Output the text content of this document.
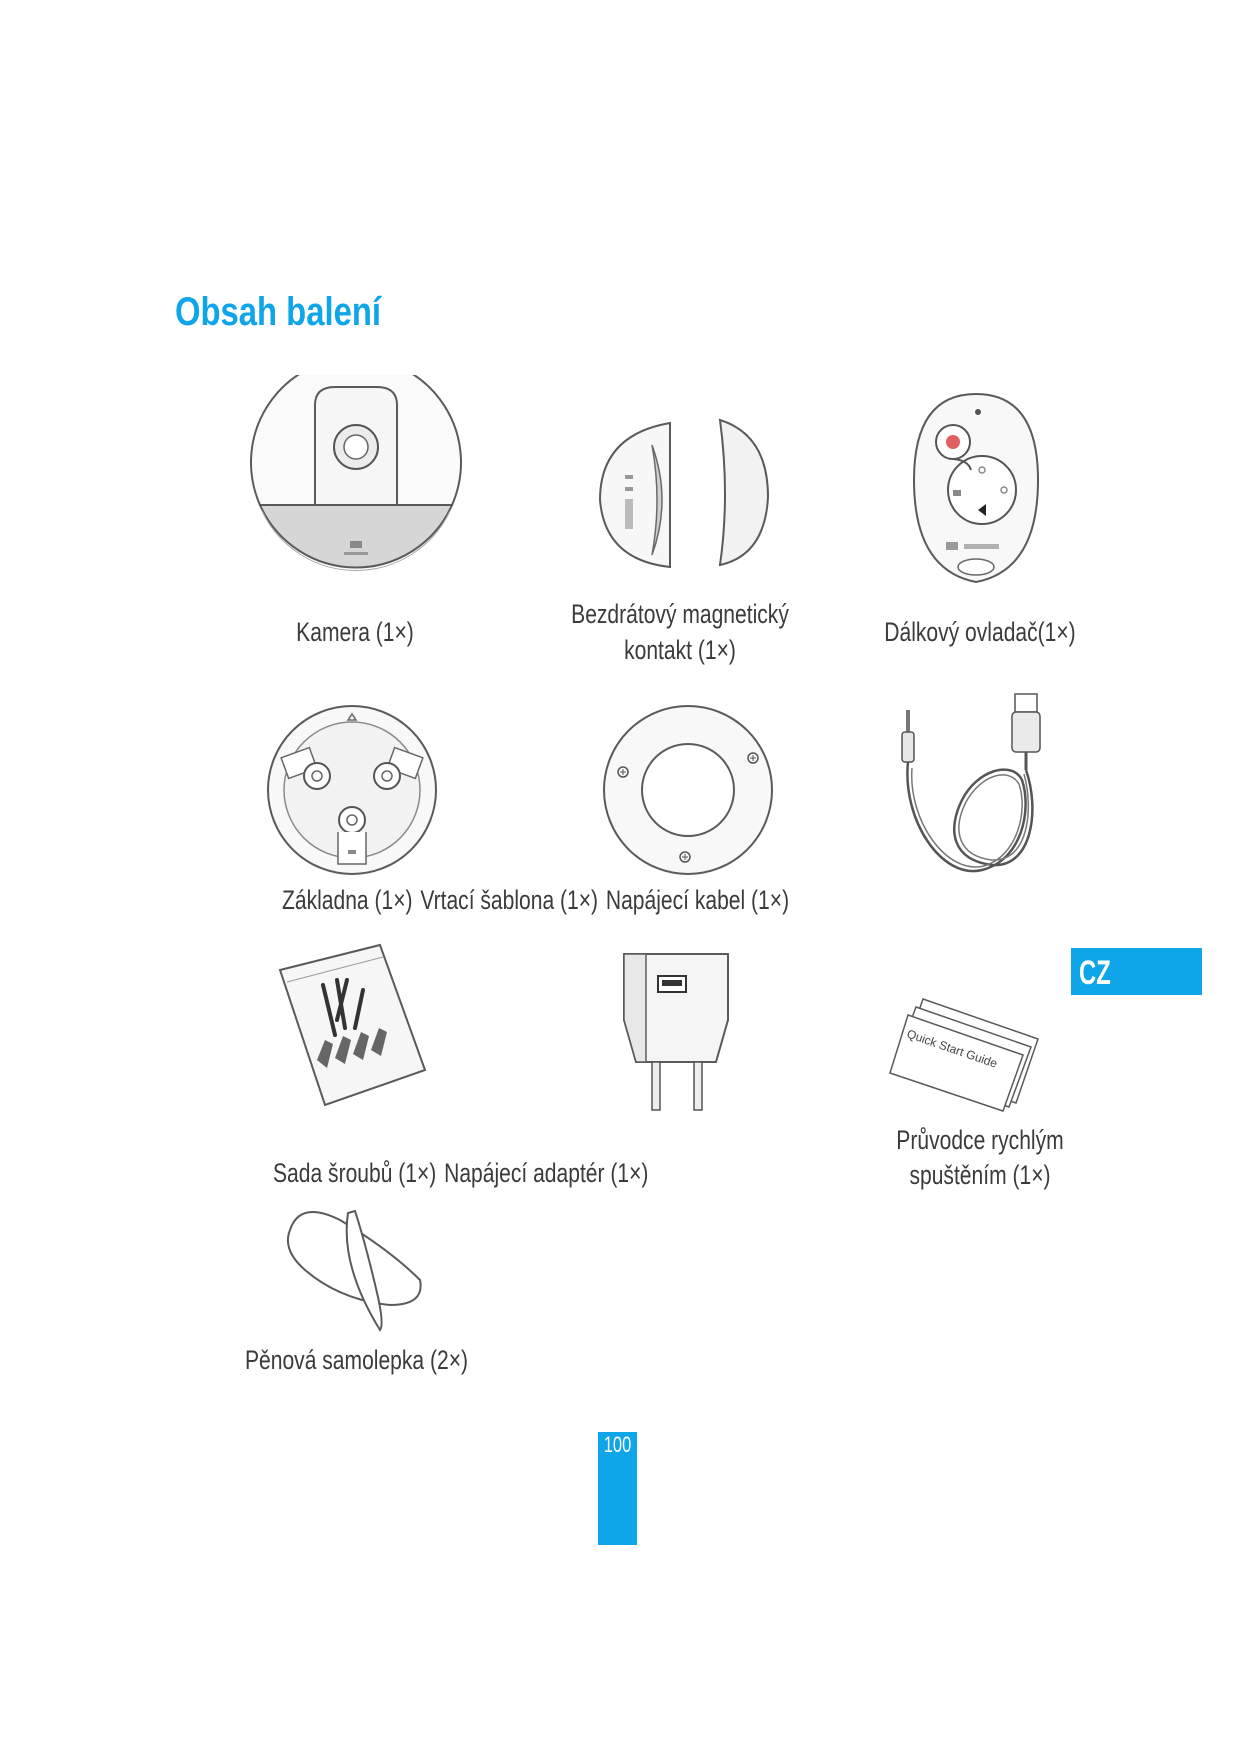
Obsah balení
Kamera (1×)
Bezdrátový magnetický
kontakt (1×)
Dálkový ovladač(1×)
Základna (1×) Vrtací šablona (1×) Napájecí kabel (1×)
Quick Start Guide
Sada šroubů (1×) Napájecí adaptér (1×)
Průvodce rychlým
spuštěním (1×)
Pěnová samolepka (2×)
CZ
100
